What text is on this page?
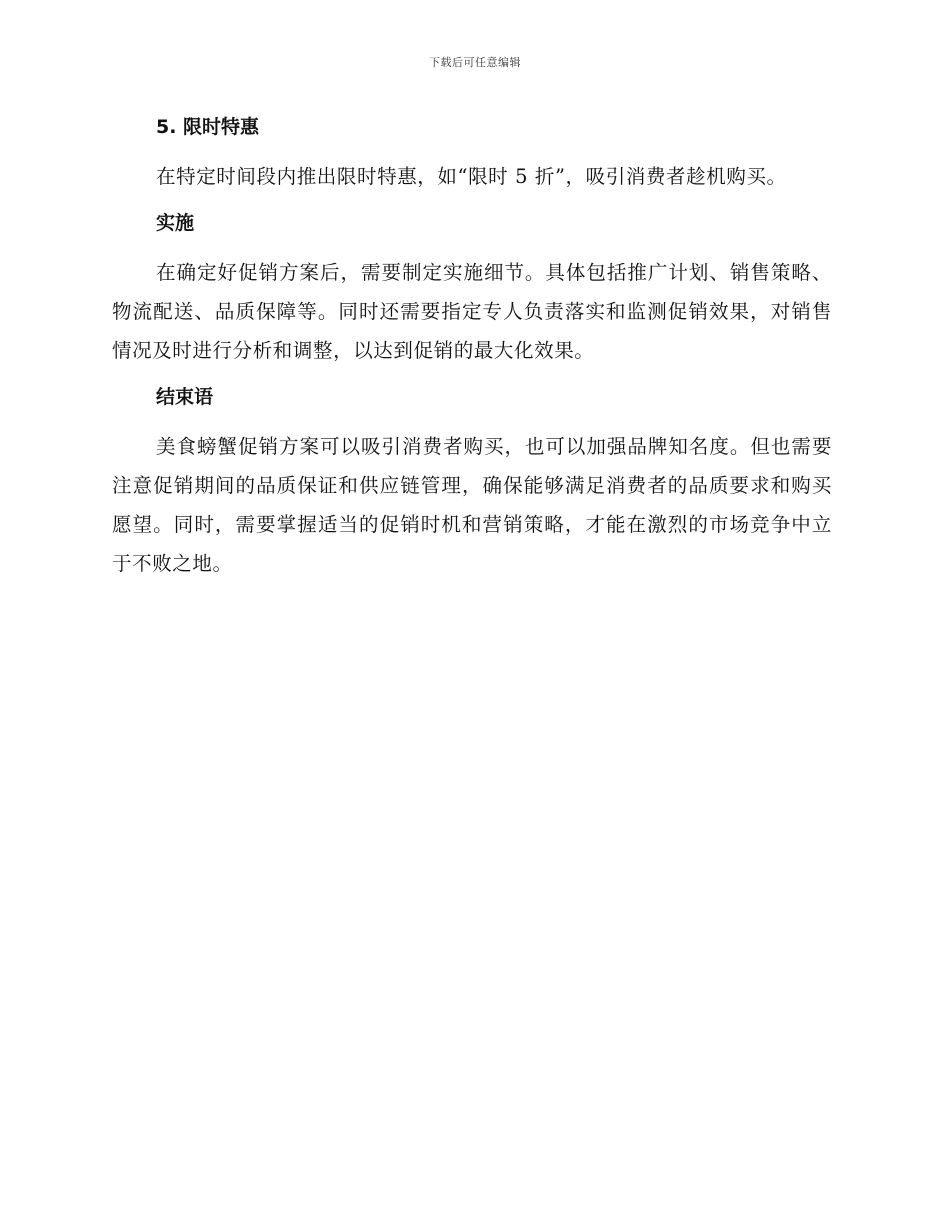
下载后可任意编辑
5. 限时特惠

在特定时间段内推出限时特惠，如“限时 5 折”，吸引消费者趁机购买。

实施

在确定好促销方案后，需要制定实施细节。具体包括推广计划、销售策略、物流配送、品质保障等。同时还需要指定专人负责落实和监测促销效果，对销售情况及时进行分析和调整，以达到促销的最大化效果。

结束语

美食螃蟹促销方案可以吸引消费者购买，也可以加强品牌知名度。但也需要注意促销期间的品质保证和供应链管理，确保能够满足消费者的品质要求和购买愿望。同时，需要掌握适当的促销时机和营销策略，才能在激烈的市场竞争中立于不败之地。
